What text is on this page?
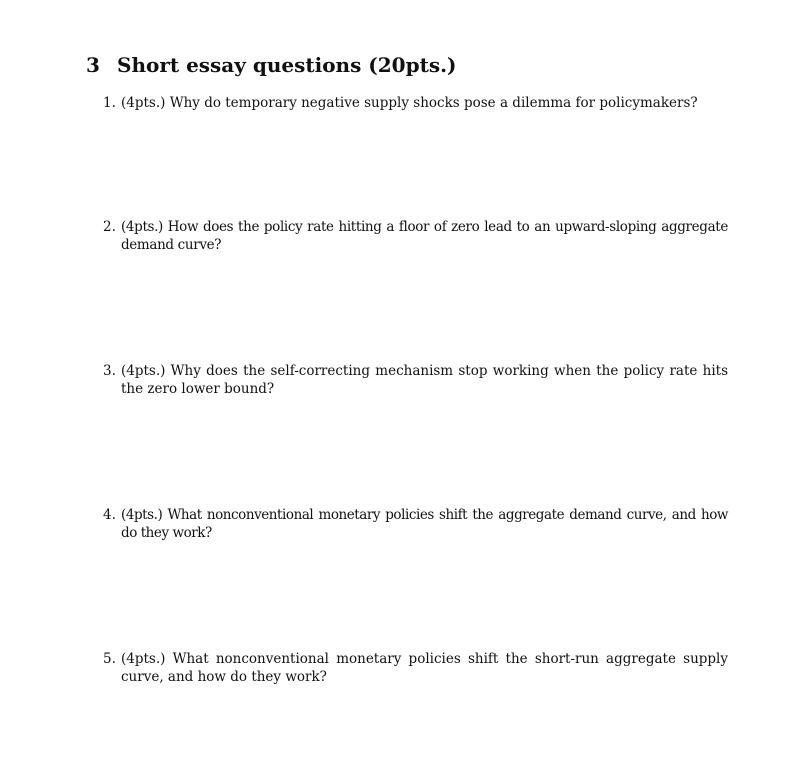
3 Short essay questions (20pts.)
1. (4pts.) Why do temporary negative supply shocks pose a dilemma for policymakers?
2. (4pts.) How does the policy rate hitting a floor of zero lead to an upward-sloping aggregate demand curve?
3. (4pts.) Why does the self-correcting mechanism stop working when the policy rate hits the zero lower bound?
4. (4pts.) What nonconventional monetary policies shift the aggregate demand curve, and how do they work?
5. (4pts.) What nonconventional monetary policies shift the short-run aggregate supply curve, and how do they work?
